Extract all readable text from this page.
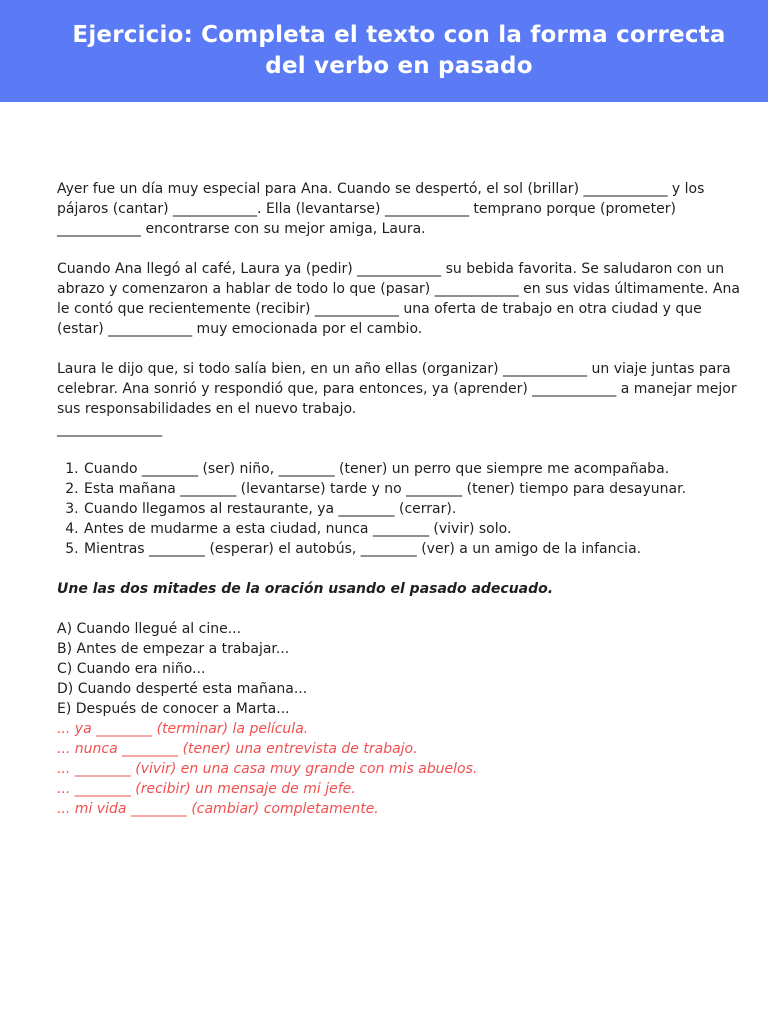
Ejercicio: Completa el texto con la forma correcta del verbo en pasado

Ayer fue un día muy especial para Ana. Cuando se despertó, el sol (brillar) ____________ y los pájaros (cantar) ____________. Ella (levantarse) ____________ temprano porque (prometer) ____________ encontrarse con su mejor amiga, Laura.

Cuando Ana llegó al café, Laura ya (pedir) ____________ su bebida favorita. Se saludaron con un abrazo y comenzaron a hablar de todo lo que (pasar) ____________ en sus vidas últimamente. Ana le contó que recientemente (recibir) ____________ una oferta de trabajo en otra ciudad y que (estar) ____________ muy emocionada por el cambio.

Laura le dijo que, si todo salía bien, en un año ellas (organizar) ____________ un viaje juntas para celebrar. Ana sonrió y respondió que, para entonces, ya (aprender) ____________ a manejar mejor sus responsabilidades en el nuevo trabajo.

_______________

1. Cuando ________ (ser) niño, ________ (tener) un perro que siempre me acompañaba.
2. Esta mañana ________ (levantarse) tarde y no ________ (tener) tiempo para desayunar.
3. Cuando llegamos al restaurante, ya ________ (cerrar).
4. Antes de mudarme a esta ciudad, nunca ________ (vivir) solo.
5. Mientras ________ (esperar) el autobús, ________ (ver) a un amigo de la infancia.

Une las dos mitades de la oración usando el pasado adecuado.

A) Cuando llegué al cine...
B) Antes de empezar a trabajar...
C) Cuando era niño...
D) Cuando desperté esta mañana...
E) Después de conocer a Marta...
... ya ________ (terminar) la película.
... nunca ________ (tener) una entrevista de trabajo.
... ________ (vivir) en una casa muy grande con mis abuelos.
... ________ (recibir) un mensaje de mi jefe.
... mi vida ________ (cambiar) completamente.
